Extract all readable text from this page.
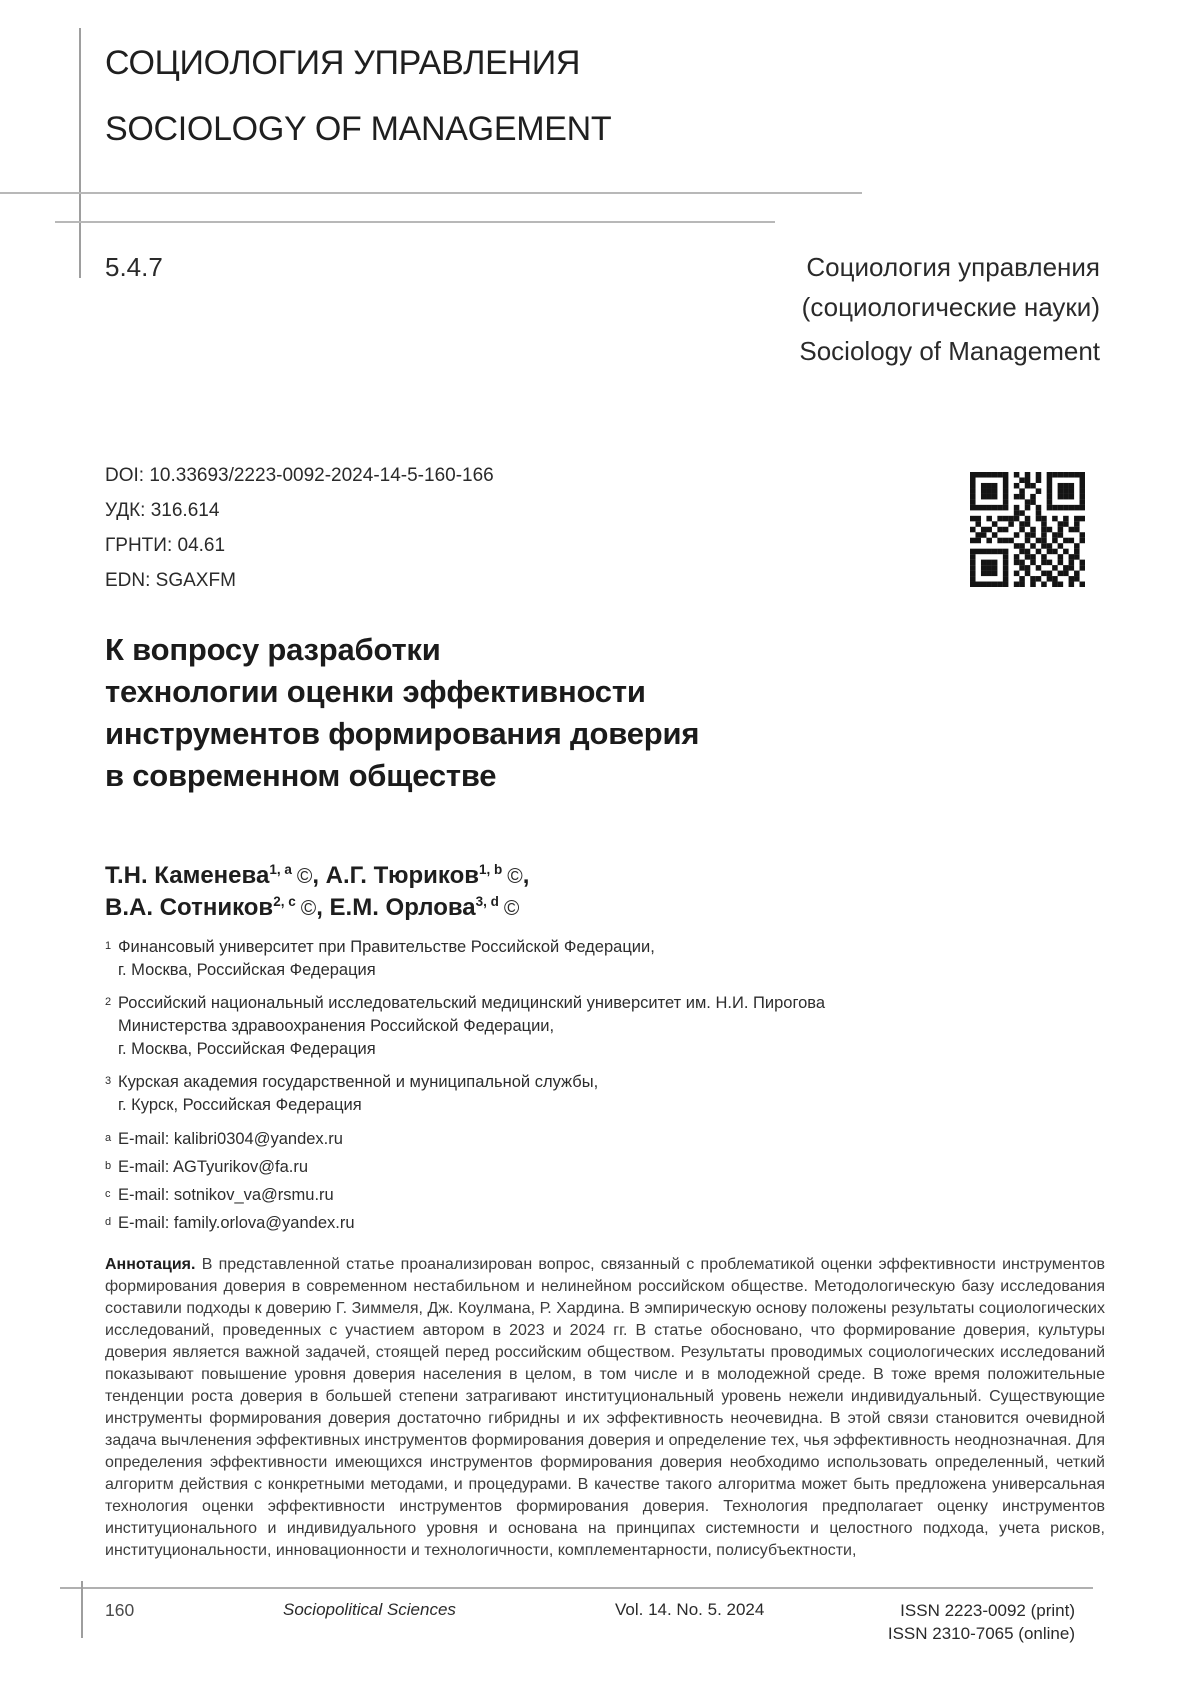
СОЦИОЛОГИЯ УПРАВЛЕНИЯ
SOCIOLOGY OF MANAGEMENT
5.4.7	Социология управления
(социологические науки)
Sociology of Management
DOI: 10.33693/2223-0092-2024-14-5-160-166
УДК: 316.614
ГРНТИ: 04.61
EDN: SGAXFM
К вопросу разработки
технологии оценки эффективности
инструментов формирования доверия
в современном обществе
Т.Н. Каменева$^{1, a}$ ©, А.Г. Тюриков$^{1, b}$ ©,
В.А. Сотников$^{2, c}$ ©, Е.М. Орлова$^{3, d}$ ©
1 Финансовый университет при Правительстве Российской Федерации,
г. Москва, Российская Федерация
2 Российский национальный исследовательский медицинский университет им. Н.И. Пирогова
Министерства здравоохранения Российской Федерации,
г. Москва, Российская Федерация
3 Курская академия государственной и муниципальной службы,
г. Курск, Российская Федерация
a E-mail: kalibri0304@yandex.ru
b E-mail: AGTyurikov@fa.ru
c E-mail: sotnikov_va@rsmu.ru
d E-mail: family.orlova@yandex.ru

Аннотация. В представленной статье проанализирован вопрос, связанный с проблематикой оценки эффективности инструментов формирования доверия в современном нестабильном и нелинейном российском обществе. Методологическую базу исследования составили подходы к доверию Г. Зиммеля, Дж. Коулмана, Р. Хардина. В эмпирическую основу положены результаты социологических исследований, проведенных с участием автором в 2023 и 2024 гг. В статье обосновано, что формирование доверия, культуры доверия является важной задачей, стоящей перед российским обществом. Результаты проводимых социологических исследований показывают повышение уровня доверия населения в целом, в том числе и в молодежной среде. В тоже время положительные тенденции роста доверия в большей степени затрагивают институциональный уровень нежели индивидуальный. Существующие инструменты формирования доверия достаточно гибридны и их эффективность неочевидна. В этой связи становится очевидной задача вычленения эффективных инструментов формирования доверия и определение тех, чья эффективность неоднозначная. Для определения эффективности имеющихся инструментов формирования доверия необходимо использовать определенный, четкий алгоритм действия с конкретными методами, и процедурами. В качестве такого алгоритма может быть предложена универсальная технология оценки эффективности инструментов формирования доверия. Технология предполагает оценку инструментов институционального и индивидуального уровня и основана на принципах системности и целостного подхода, учета рисков, институциональности, инновационности и технологичности, комплементарности, полисубъектности,

160	Sociopolitical Sciences	Vol. 14. No. 5. 2024	ISSN 2223-0092 (print)
ISSN 2310-7065 (online)
